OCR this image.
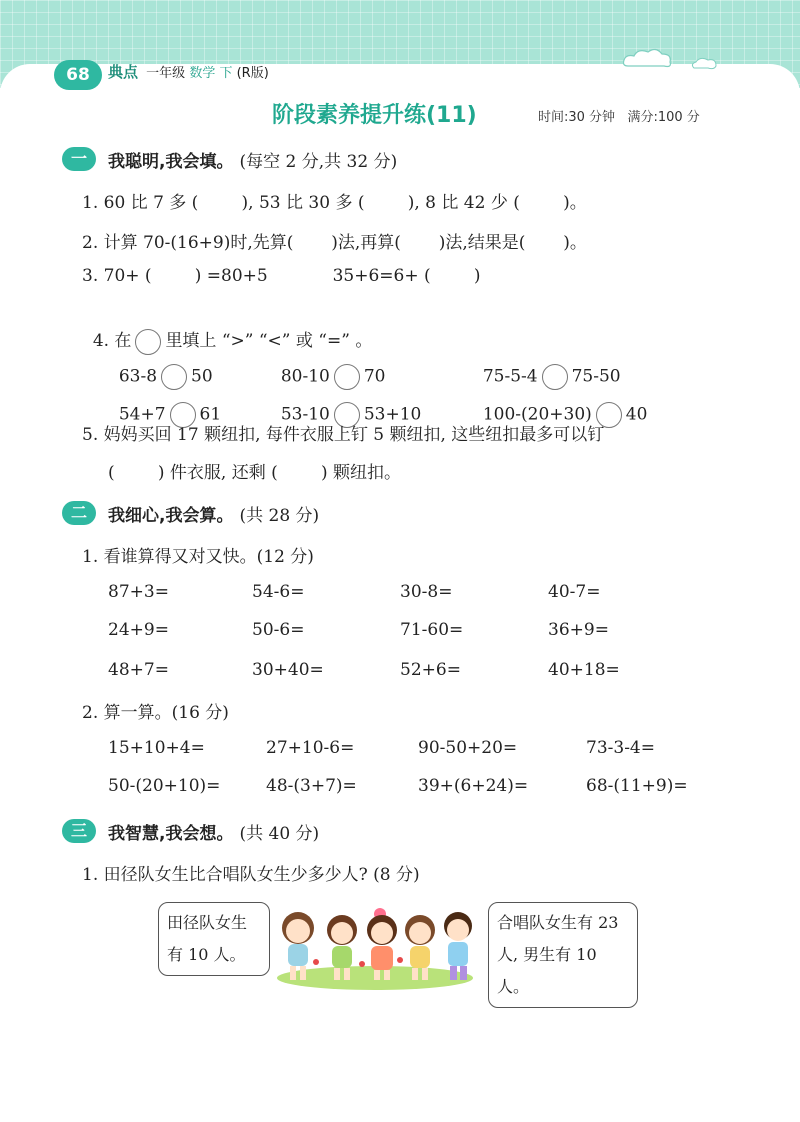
68	典点 一年级 数学 下 (R版)
阶段素养提升练(11)	时间:30 分钟 满分:100 分
一	我聪明,我会填。 (每空 2 分,共 32 分)
1. 60 比 7 多 (        ), 53 比 30 多 (        ), 8 比 42 少 (        )。
2. 计算 70-(16+9)时,先算(       )法,再算(       )法,结果是(       )。
3. 70+ (        ) =80+5            35+6=6+ (        )

4. 在 里填上 “>” “<” 或 “=” 。

63-8 50	80-10 70	75-5-4 75-50

54+7 61	53-10 53+10	100-(20+30) 40

5. 妈妈买回 17 颗纽扣, 每件衣服上钉 5 颗纽扣, 这些纽扣最多可以钉
(        ) 件衣服, 还剩 (        ) 颗纽扣。
二	我细心,我会算。 (共 28 分)
1. 看谁算得又对又快。(12 分)
87+3=	54-6=	30-8=	40-7=
24+9=	50-6=	71-60=	36+9=
48+7=	30+40=	52+6=	40+18=
2. 算一算。(16 分)
15+10+4=	27+10-6=	90-50+20=	73-3-4=
50-(20+10)=	48-(3+7)=	39+(6+24)=	68-(11+9)=
三	我智慧,我会想。 (共 40 分)
1. 田径队女生比合唱队女生少多少人? (8 分)
田径队女生
有 10 人。
合唱队女生有 23
人, 男生有 10 人。
